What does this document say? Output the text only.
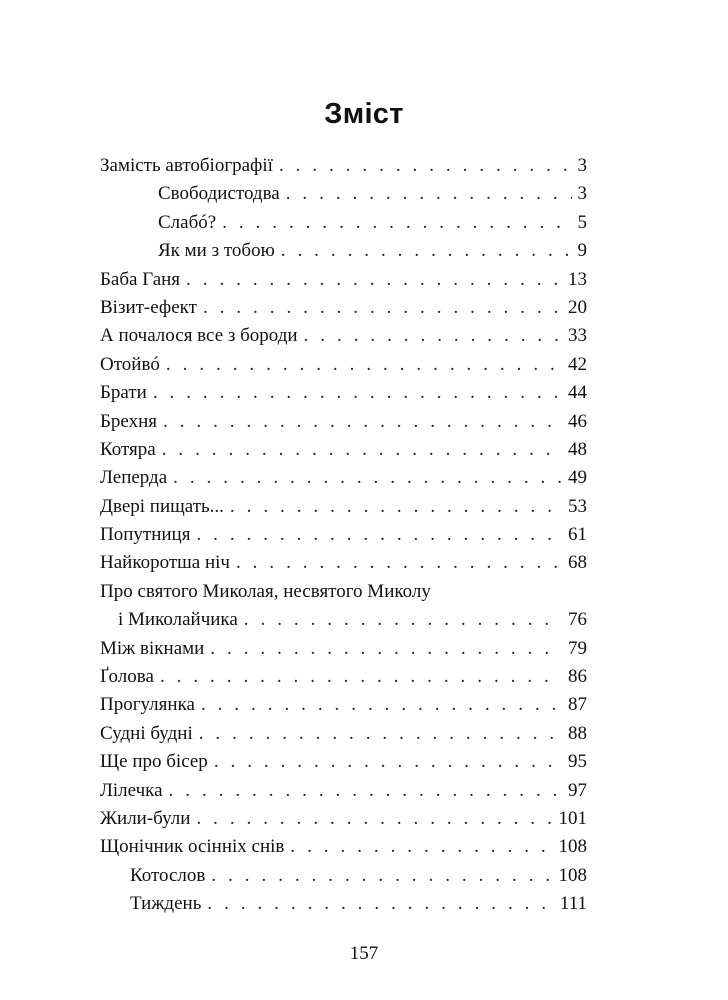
Зміст
Замість автобіографії . . .	3
Свободистодва . . .	3
Слабó? . . .	5
Як ми з тобою . . .	9
Баба Ганя . . .	13
Візит-ефект . . .	20
А почалося все з бороди . . .	33
Отойвó . . .	42
Брати . . .	44
Брехня . . .	46
Котяра . . .	48
Леперда . . .	49
Двері пищать... . . .	53
Попутниця . . .	61
Найкоротша ніч . . .	68
Про святого Миколая, несвятого Миколу
і Миколайчика . . .	76
Між вікнами . . .	79
Ґолова . . .	86
Прогулянка . . .	87
Судні будні . . .	88
Ще про бісер . . .	95
Лілечка . . .	97
Жили-були . . .	101
Щонічник осінніх снів . . .	108
Котослов . . .	108
Тиждень . . .	111
157
